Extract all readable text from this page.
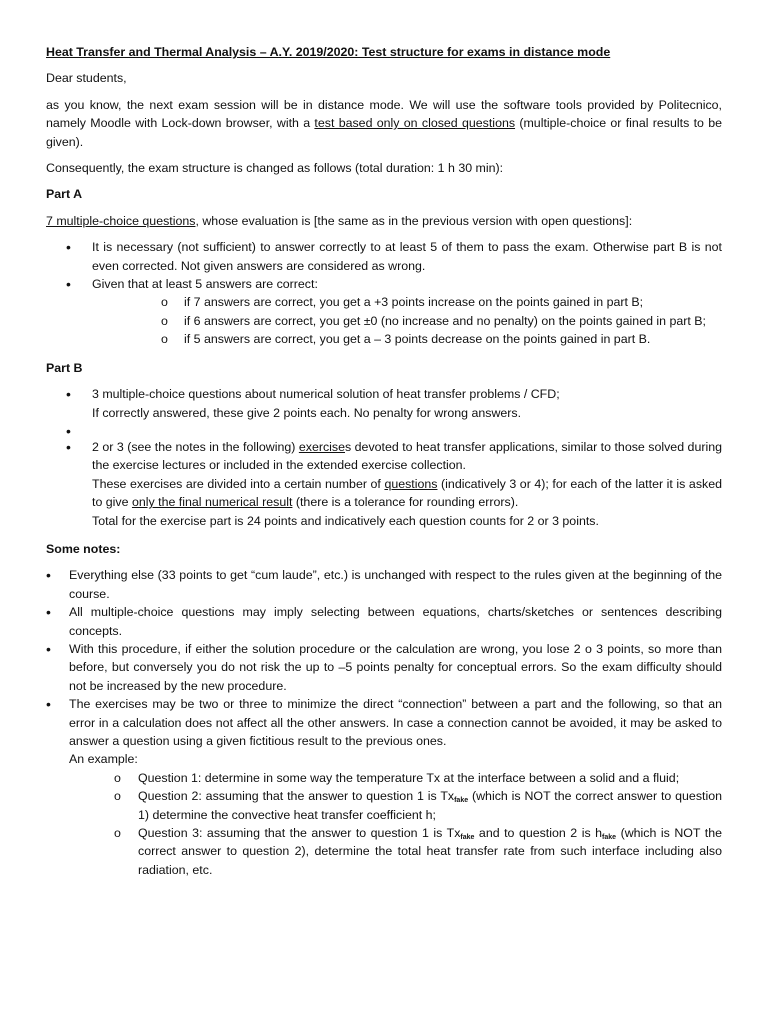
Heat Transfer and Thermal Analysis – A.Y. 2019/2020: Test structure for exams in distance mode

Dear students,

as you know, the next exam session will be in distance mode. We will use the software tools provided by Politecnico, namely Moodle with Lock-down browser, with a test based only on closed questions (multiple-choice or final results to be given).

Consequently, the exam structure is changed as follows (total duration: 1 h 30 min):

Part A

7 multiple-choice questions, whose evaluation is [the same as in the previous version with open questions]:

• It is necessary (not sufficient) to answer correctly to at least 5 of them to pass the exam. Otherwise part B is not even corrected. Not given answers are considered as wrong.
• Given that at least 5 answers are correct:
o if 7 answers are correct, you get a +3 points increase on the points gained in part B;
o if 6 answers are correct, you get ±0 (no increase and no penalty) on the points gained in part B;
o if 5 answers are correct, you get a – 3 points decrease on the points gained in part B.

Part B

• 3 multiple-choice questions about numerical solution of heat transfer problems / CFD;
If correctly answered, these give 2 points each. No penalty for wrong answers.
•
• 2 or 3 (see the notes in the following) exercises devoted to heat transfer applications, similar to those solved during the exercise lectures or included in the extended exercise collection.
These exercises are divided into a certain number of questions (indicatively 3 or 4); for each of the latter it is asked to give only the final numerical result (there is a tolerance for rounding errors).
Total for the exercise part is 24 points and indicatively each question counts for 2 or 3 points.

Some notes:

• Everything else (33 points to get “cum laude”, etc.) is unchanged with respect to the rules given at the beginning of the course.
• All multiple-choice questions may imply selecting between equations, charts/sketches or sentences describing concepts.
• With this procedure, if either the solution procedure or the calculation are wrong, you lose 2 o 3 points, so more than before, but conversely you do not risk the up to –5 points penalty for conceptual errors. So the exam difficulty should not be increased by the new procedure.
• The exercises may be two or three to minimize the direct “connection” between a part and the following, so that an error in a calculation does not affect all the other answers. In case a connection cannot be avoided, it may be asked to answer a question using a given fictitious result to the previous ones.
An example:
o Question 1: determine in some way the temperature Tx at the interface between a solid and a fluid;
o Question 2: assuming that the answer to question 1 is $Tx_{fake}$ (which is NOT the correct answer to question 1) determine the convective heat transfer coefficient h;
o Question 3: assuming that the answer to question 1 is $Tx_{fake}$ and to question 2 is $h_{fake}$ (which is NOT the correct answer to question 2), determine the total heat transfer rate from such interface including also radiation, etc.
